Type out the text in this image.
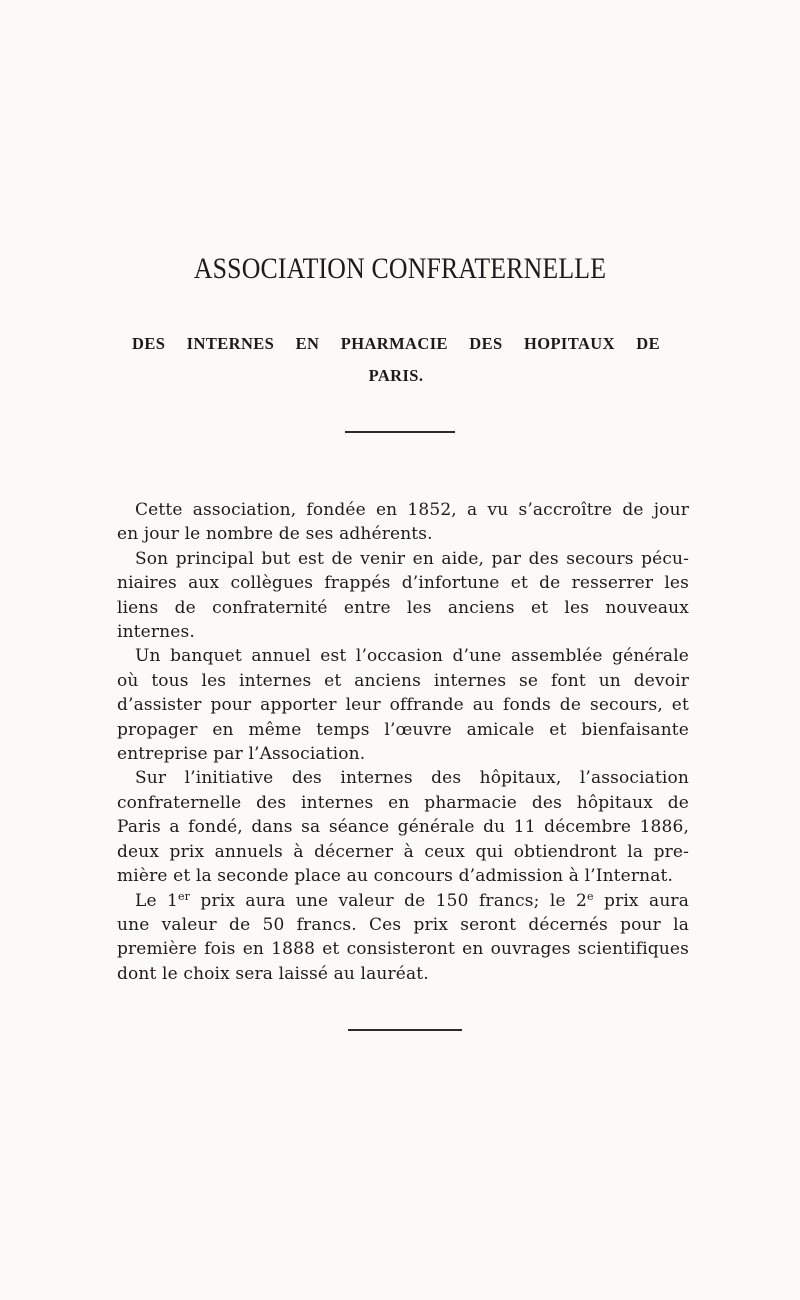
ASSOCIATION CONFRATERNELLE
DES INTERNES EN PHARMACIE DES HOPITAUX DE
PARIS.

Cette association, fondée en 1852, a vu s’accroître de jour
en jour le nombre de ses adhérents.

Son principal but est de venir en aide, par des secours pécu-
niaires aux collègues frappés d’infortune et de resserrer les
liens de confraternité entre les anciens et les nouveaux
internes.

Un banquet annuel est l’occasion d’une assemblée générale
où tous les internes et anciens internes se font un devoir
d’assister pour apporter leur offrande au fonds de secours, et
propager en même temps l’œuvre amicale et bienfaisante
entreprise par l’Association.

Sur l’initiative des internes des hôpitaux, l’association
confraternelle des internes en pharmacie des hôpitaux de
Paris a fondé, dans sa séance générale du 11 décembre 1886,
deux prix annuels à décerner à ceux qui obtiendront la pre-
mière et la seconde place au concours d’admission à l’Internat.

Le 1er prix aura une valeur de 150 francs; le 2e prix aura
une valeur de 50 francs. Ces prix seront décernés pour la
première fois en 1888 et consisteront en ouvrages scientifiques
dont le choix sera laissé au lauréat.
